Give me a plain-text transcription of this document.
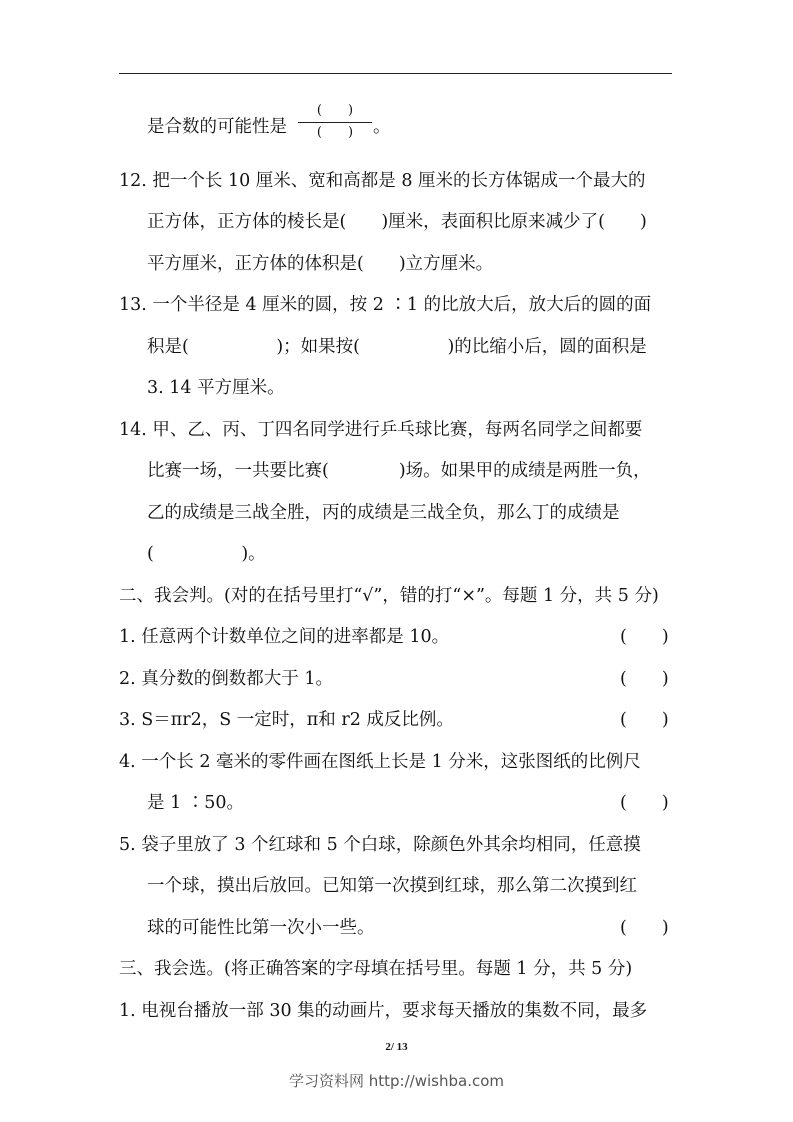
是合数的可能性是
(　　)
(　　)	。
12. 把一个长 10 厘米、宽和高都是 8 厘米的长方体锯成一个最大的
正方体，正方体的棱长是(　　)厘米，表面积比原来减少了(　　)
平方厘米，正方体的体积是(　　)立方厘米。
13. 一个半径是 4 厘米的圆，按 2 ∶1 的比放大后，放大后的圆的面
积是(　　　　　)；如果按(　　　　　)的比缩小后，圆的面积是
3. 14 平方厘米。
14. 甲、乙、丙、丁四名同学进行乒乓球比赛，每两名同学之间都要
比赛一场，一共要比赛(　　　　)场。如果甲的成绩是两胜一负，
乙的成绩是三战全胜，丙的成绩是三战全负，那么丁的成绩是
(　　　　　)。
二、我会判。(对的在括号里打“√”，错的打“×”。每题 1 分，共 5 分)
1. 任意两个计数单位之间的进率都是 10。	(　　)
2. 真分数的倒数都大于 1。	(　　)
3. S＝πr2，S 一定时，π和 r2 成反比例。	(　　)
4. 一个长 2 毫米的零件画在图纸上长是 1 分米，这张图纸的比例尺
是 1 ∶50。	(　　)
5. 袋子里放了 3 个红球和 5 个白球，除颜色外其余均相同，任意摸
一个球，摸出后放回。已知第一次摸到红球，那么第二次摸到红
球的可能性比第一次小一些。	(　　)
三、我会选。(将正确答案的字母填在括号里。每题 1 分，共 5 分)
1. 电视台播放一部 30 集的动画片，要求每天播放的集数不同，最多
2/ 13
学习资料网 http://wishba.com
